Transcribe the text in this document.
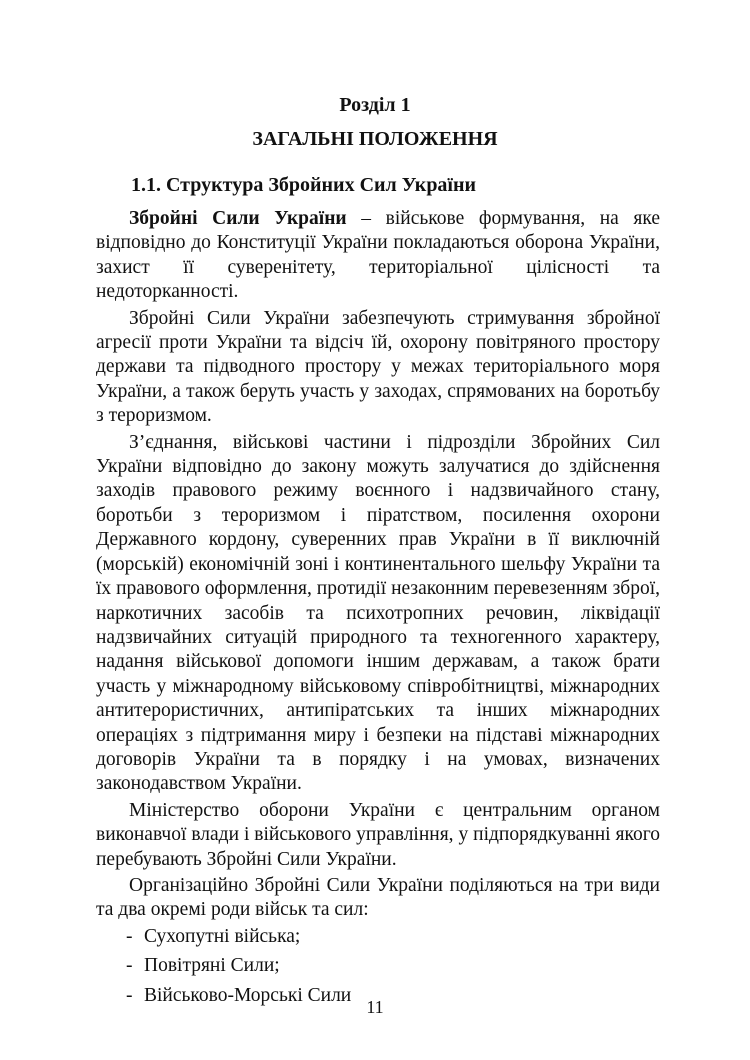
Розділ 1
ЗАГАЛЬНІ ПОЛОЖЕННЯ
1.1. Структура Збройних Сил України

Збройні Сили України – військове формування, на яке відповідно до Конституції України покладаються оборона України, захист її суверенітету, територіальної цілісності та недоторканності.

Збройні Сили України забезпечують стримування збройної агресії проти України та відсіч їй, охорону повітряного простору держави та підводного простору у межах територіального моря України, а також беруть участь у заходах, спрямованих на боротьбу з тероризмом.

З’єднання, військові частини і підрозділи Збройних Сил України відповідно до закону можуть залучатися до здійснення заходів правового режиму воєнного і надзвичайного стану, боротьби з тероризмом і піратством, посилення охорони Державного кордону, суверенних прав України в її виключній (морській) економічній зоні і континентального шельфу України та їх правового оформлення, протидії незаконним перевезенням зброї, наркотичних засобів та психотропних речовин, ліквідації надзвичайних ситуацій природного та техногенного характеру, надання військової допомоги іншим державам, а також брати участь у міжнародному військовому співробітництві, міжнародних антитерористичних, антипіратських та інших міжнародних операціях з підтримання миру і безпеки на підставі міжнародних договорів України та в порядку і на умовах, визначених законодавством України.

Міністерство оборони України є центральним органом виконавчої влади і військового управління, у підпорядкуванні якого перебувають Збройні Сили України.

Організаційно Збройні Сили України поділяються на три види та два окремі роди військ та сил:

- Сухопутні війська;
- Повітряні Сили;
- Військово-Морські Сили
11
